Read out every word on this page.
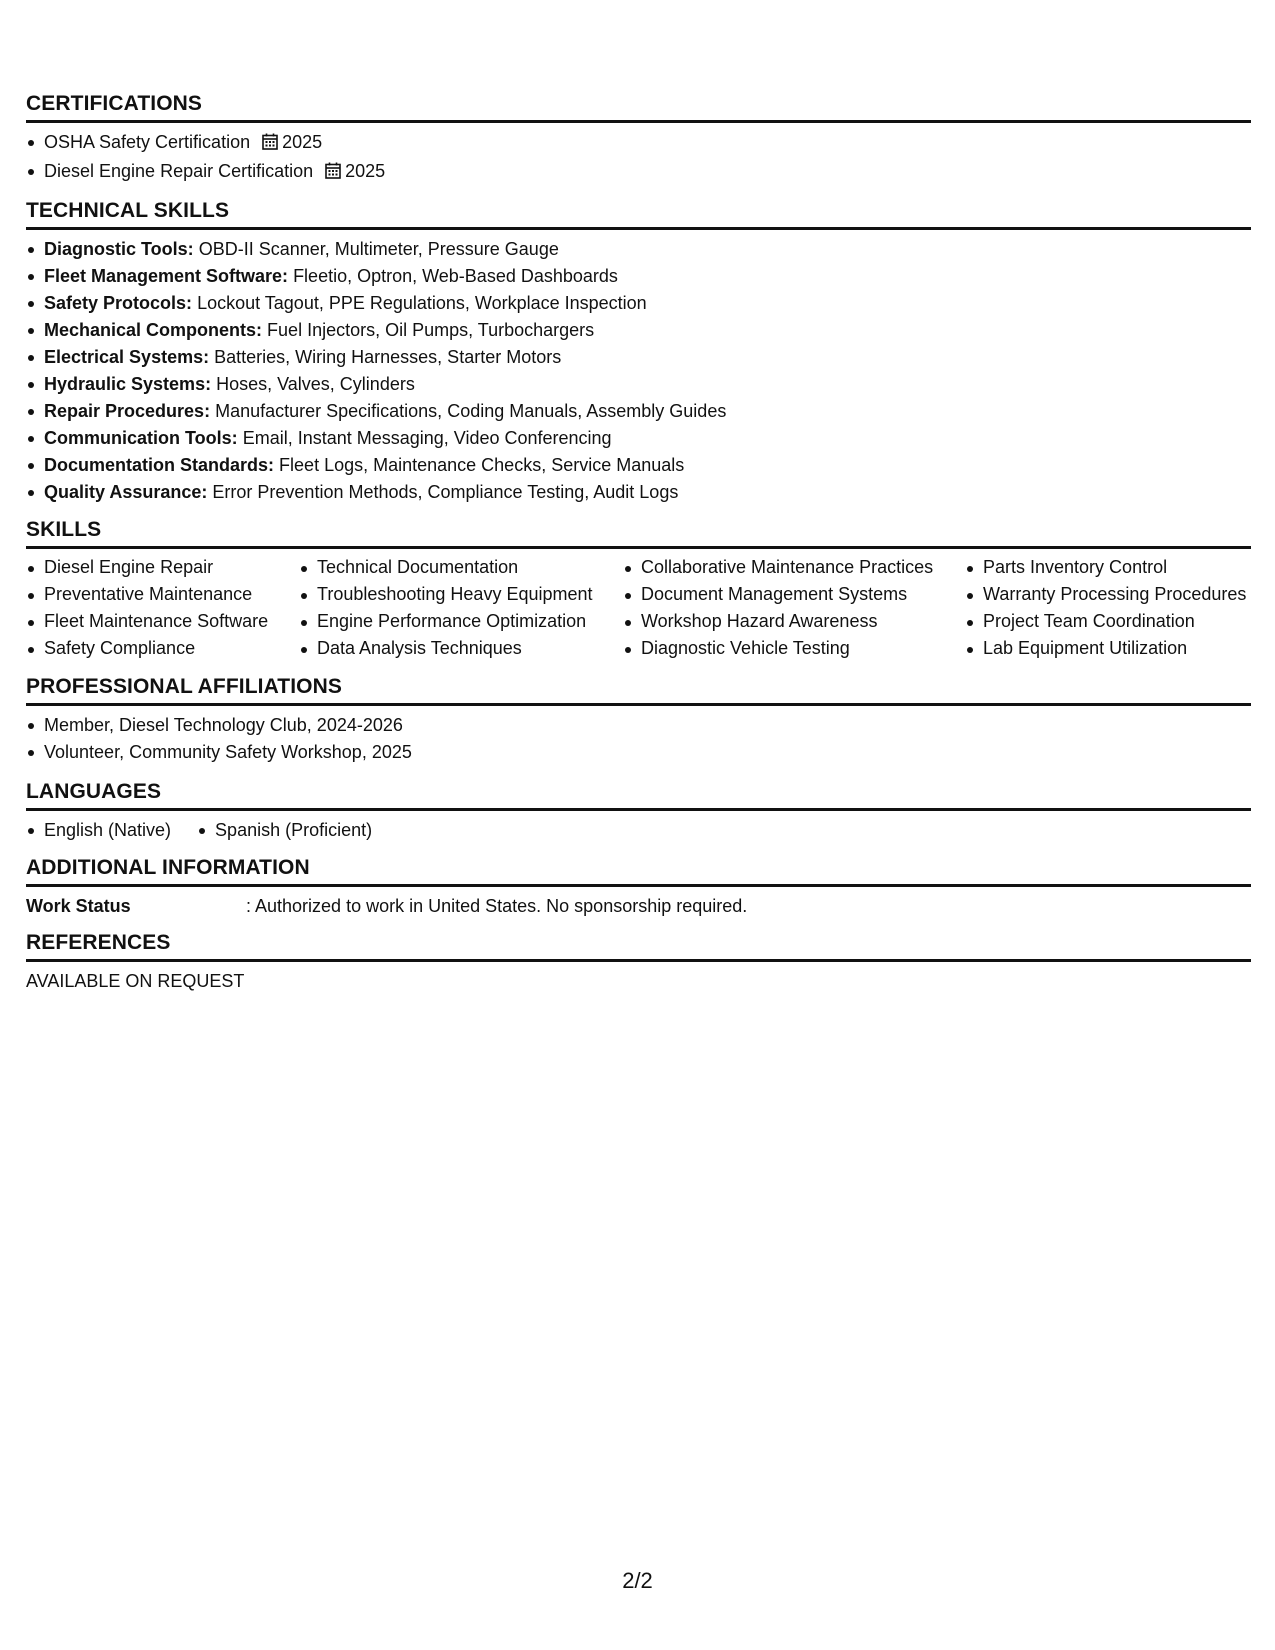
CERTIFICATIONS
OSHA Safety Certification 2025
Diesel Engine Repair Certification 2025
TECHNICAL SKILLS
Diagnostic Tools: OBD-II Scanner, Multimeter, Pressure Gauge
Fleet Management Software: Fleetio, Optron, Web-Based Dashboards
Safety Protocols: Lockout Tagout, PPE Regulations, Workplace Inspection
Mechanical Components: Fuel Injectors, Oil Pumps, Turbochargers
Electrical Systems: Batteries, Wiring Harnesses, Starter Motors
Hydraulic Systems: Hoses, Valves, Cylinders
Repair Procedures: Manufacturer Specifications, Coding Manuals, Assembly Guides
Communication Tools: Email, Instant Messaging, Video Conferencing
Documentation Standards: Fleet Logs, Maintenance Checks, Service Manuals
Quality Assurance: Error Prevention Methods, Compliance Testing, Audit Logs
SKILLS
Diesel Engine Repair
Preventative Maintenance
Fleet Maintenance Software
Safety Compliance
Technical Documentation
Troubleshooting Heavy Equipment
Engine Performance Optimization
Data Analysis Techniques
Collaborative Maintenance Practices
Document Management Systems
Workshop Hazard Awareness
Diagnostic Vehicle Testing
Parts Inventory Control
Warranty Processing Procedures
Project Team Coordination
Lab Equipment Utilization
PROFESSIONAL AFFILIATIONS
Member, Diesel Technology Club, 2024-2026
Volunteer, Community Safety Workshop, 2025
LANGUAGES
English (Native)	Spanish (Proficient)
ADDITIONAL INFORMATION
Work Status	: Authorized to work in United States. No sponsorship required.
REFERENCES
AVAILABLE ON REQUEST
2/2
